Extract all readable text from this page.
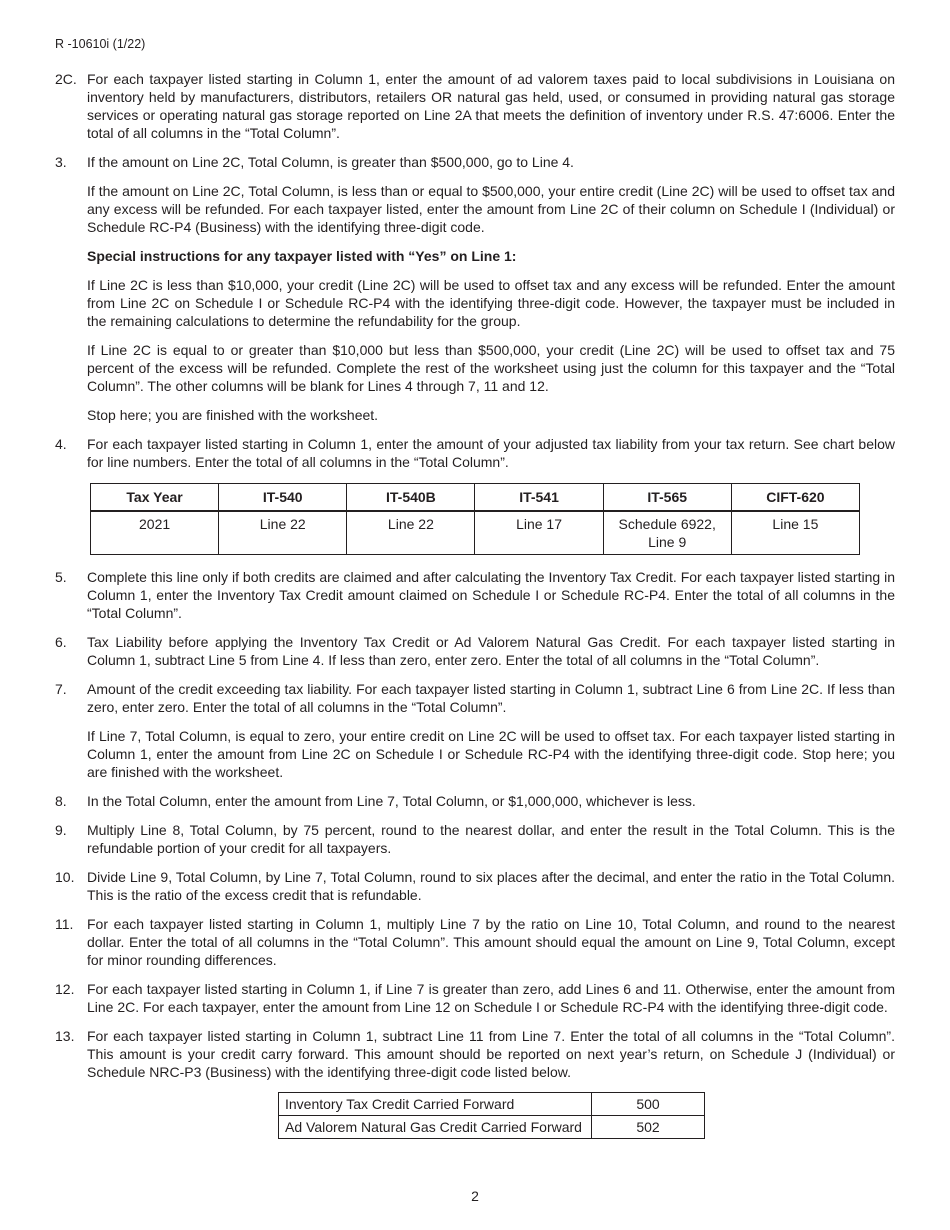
R -10610i (1/22)
2C. For each taxpayer listed starting in Column 1, enter the amount of ad valorem taxes paid to local subdivisions in Louisiana on inventory held by manufacturers, distributors, retailers OR natural gas held, used, or consumed in providing natural gas storage services or operating natural gas storage reported on Line 2A that meets the definition of inventory under R.S. 47:6006. Enter the total of all columns in the “Total Column”.

3.	If the amount on Line 2C, Total Column, is greater than $500,000, go to Line 4.

If the amount on Line 2C, Total Column, is less than or equal to $500,000, your entire credit (Line 2C) will be used to offset tax and any excess will be refunded. For each taxpayer listed, enter the amount from Line 2C of their column on Schedule I (Individual) or Schedule RC-P4 (Business) with the identifying three-digit code.

Special instructions for any taxpayer listed with “Yes” on Line 1:

If Line 2C is less than $10,000, your credit (Line 2C) will be used to offset tax and any excess will be refunded. Enter the amount from Line 2C on Schedule I or Schedule RC-P4 with the identifying three-digit code. However, the taxpayer must be included in the remaining calculations to determine the refundability for the group.

If Line 2C is equal to or greater than $10,000 but less than $500,000, your credit (Line 2C) will be used to offset tax and 75 percent of the excess will be refunded. Complete the rest of the worksheet using just the column for this taxpayer and the “Total Column”. The other columns will be blank for Lines 4 through 7, 11 and 12.

Stop here; you are finished with the worksheet.

4.	For each taxpayer listed starting in Column 1, enter the amount of your adjusted tax liability from your tax return. See chart below for line numbers. Enter the total of all columns in the “Total Column”.

Tax Year	IT-540	IT-540B	IT-541	IT-565	CIFT-620
2021	Line 22	Line 22	Line 17	Schedule 6922, Line 9	Line 15
5.	Complete this line only if both credits are claimed and after calculating the Inventory Tax Credit. For each taxpayer listed starting in Column 1, enter the Inventory Tax Credit amount claimed on Schedule I or Schedule RC-P4. Enter the total of all columns in the “Total Column”.

6.	Tax Liability before applying the Inventory Tax Credit or Ad Valorem Natural Gas Credit. For each taxpayer listed starting in Column 1, subtract Line 5 from Line 4. If less than zero, enter zero. Enter the total of all columns in the “Total Column”.

7.	Amount of the credit exceeding tax liability. For each taxpayer listed starting in Column 1, subtract Line 6 from Line 2C. If less than zero, enter zero. Enter the total of all columns in the “Total Column”.

If Line 7, Total Column, is equal to zero, your entire credit on Line 2C will be used to offset tax. For each taxpayer listed starting in Column 1, enter the amount from Line 2C on Schedule I or Schedule RC-P4 with the identifying three-digit code. Stop here; you are finished with the worksheet.

8.	In the Total Column, enter the amount from Line 7, Total Column, or $1,000,000, whichever is less.

9.	Multiply Line 8, Total Column, by 75 percent, round to the nearest dollar, and enter the result in the Total Column. This is the refundable portion of your credit for all taxpayers.

10. Divide Line 9, Total Column, by Line 7, Total Column, round to six places after the decimal, and enter the ratio in the Total Column. This is the ratio of the excess credit that is refundable.

11. For each taxpayer listed starting in Column 1, multiply Line 7 by the ratio on Line 10, Total Column, and round to the nearest dollar. Enter the total of all columns in the “Total Column”. This amount should equal the amount on Line 9, Total Column, except for minor rounding differences.

12. For each taxpayer listed starting in Column 1, if Line 7 is greater than zero, add Lines 6 and 11. Otherwise, enter the amount from Line 2C. For each taxpayer, enter the amount from Line 12 on Schedule I or Schedule RC-P4 with the identifying three-digit code.

13. For each taxpayer listed starting in Column 1, subtract Line 11 from Line 7. Enter the total of all columns in the “Total Column”. This amount is your credit carry forward. This amount should be reported on next year’s return, on Schedule J (Individual) or Schedule NRC-P3 (Business) with the identifying three-digit code listed below.

Inventory Tax Credit Carried Forward	500
Ad Valorem Natural Gas Credit Carried Forward	502
2
